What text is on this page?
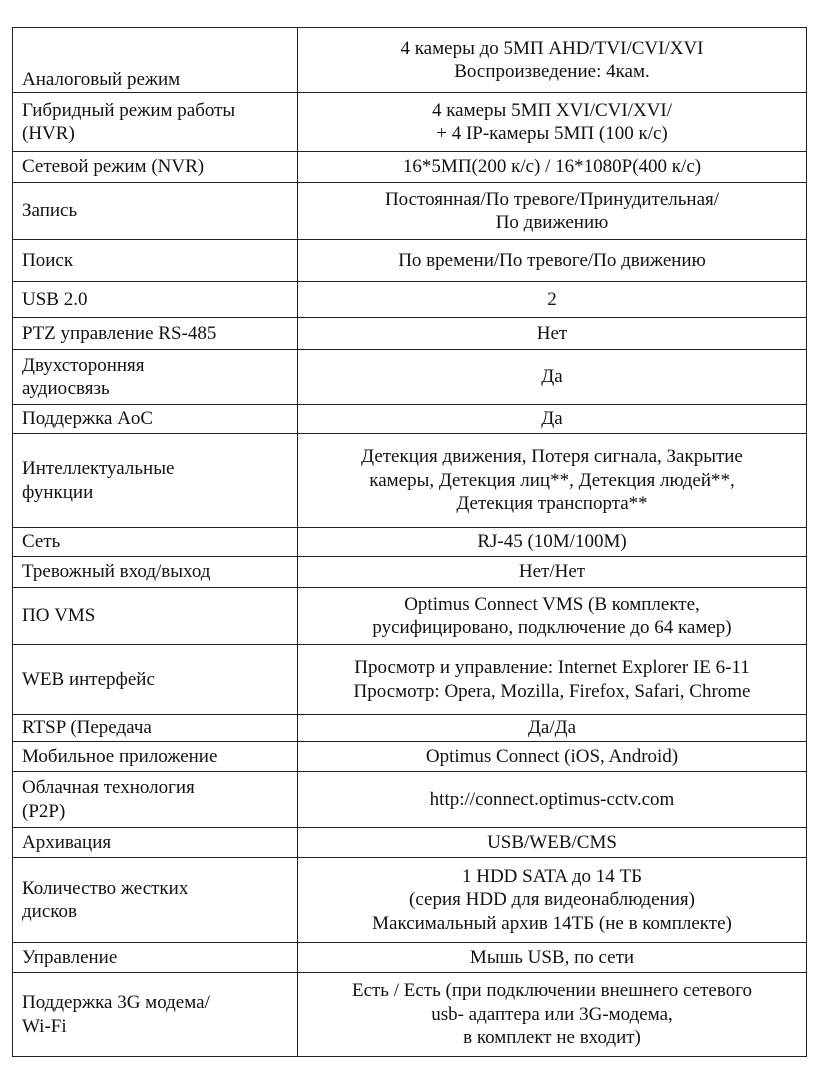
Аналоговый режим	4 камеры до 5МП AHD/TVI/CVI/XVI
Воспроизведение: 4кам.

Гибридный режим работы
(HVR)	4 камеры 5МП XVI/CVI/XVI/
+ 4 IP-камеры 5МП (100 к/с)

Сетевой режим (NVR)	16*5МП(200 к/с) / 16*1080P(400 к/с)

Запись	Постоянная/По тревоге/Принудительная/
По движению

Поиск	По времени/По тревоге/По движению

USB 2.0	2

PTZ управление RS-485	Нет

Двухсторонняя
аудиосвязь	Да

Поддержка AoC	Да

Интеллектуальные
функции	Детекция движения, Потеря сигнала, Закрытие
камеры, Детекция лиц**, Детекция людей**,
Детекция транспорта**

Сеть	RJ-45 (10M/100M)

Тревожный вход/выход	Нет/Нет

ПО VMS	Optimus Connect VMS (В комплекте,
русифицировано, подключение до 64 камер)

WEB интерфейс	Просмотр и управление: Internet Explorer IE 6-11
Просмотр: Opera, Mozilla, Firefox, Safari, Chrome

RTSP (Передача	Да/Да

Мобильное приложение	Optimus Connect (iOS, Android)

Облачная технология
(P2P)	http://connect.optimus-cctv.com

Архивация	USB/WEB/CMS

Количество жестких
дисков	1 HDD SATA до 14 ТБ
(серия HDD для видеонаблюдения)
Максимальный архив 14ТБ (не в комплекте)

Управление	Мышь USB, по сети

Поддержка 3G модема/
Wi-Fi	Есть / Есть (при подключении внешнего сетевого
usb- адаптера или 3G-модема,
в комплект не входит)
